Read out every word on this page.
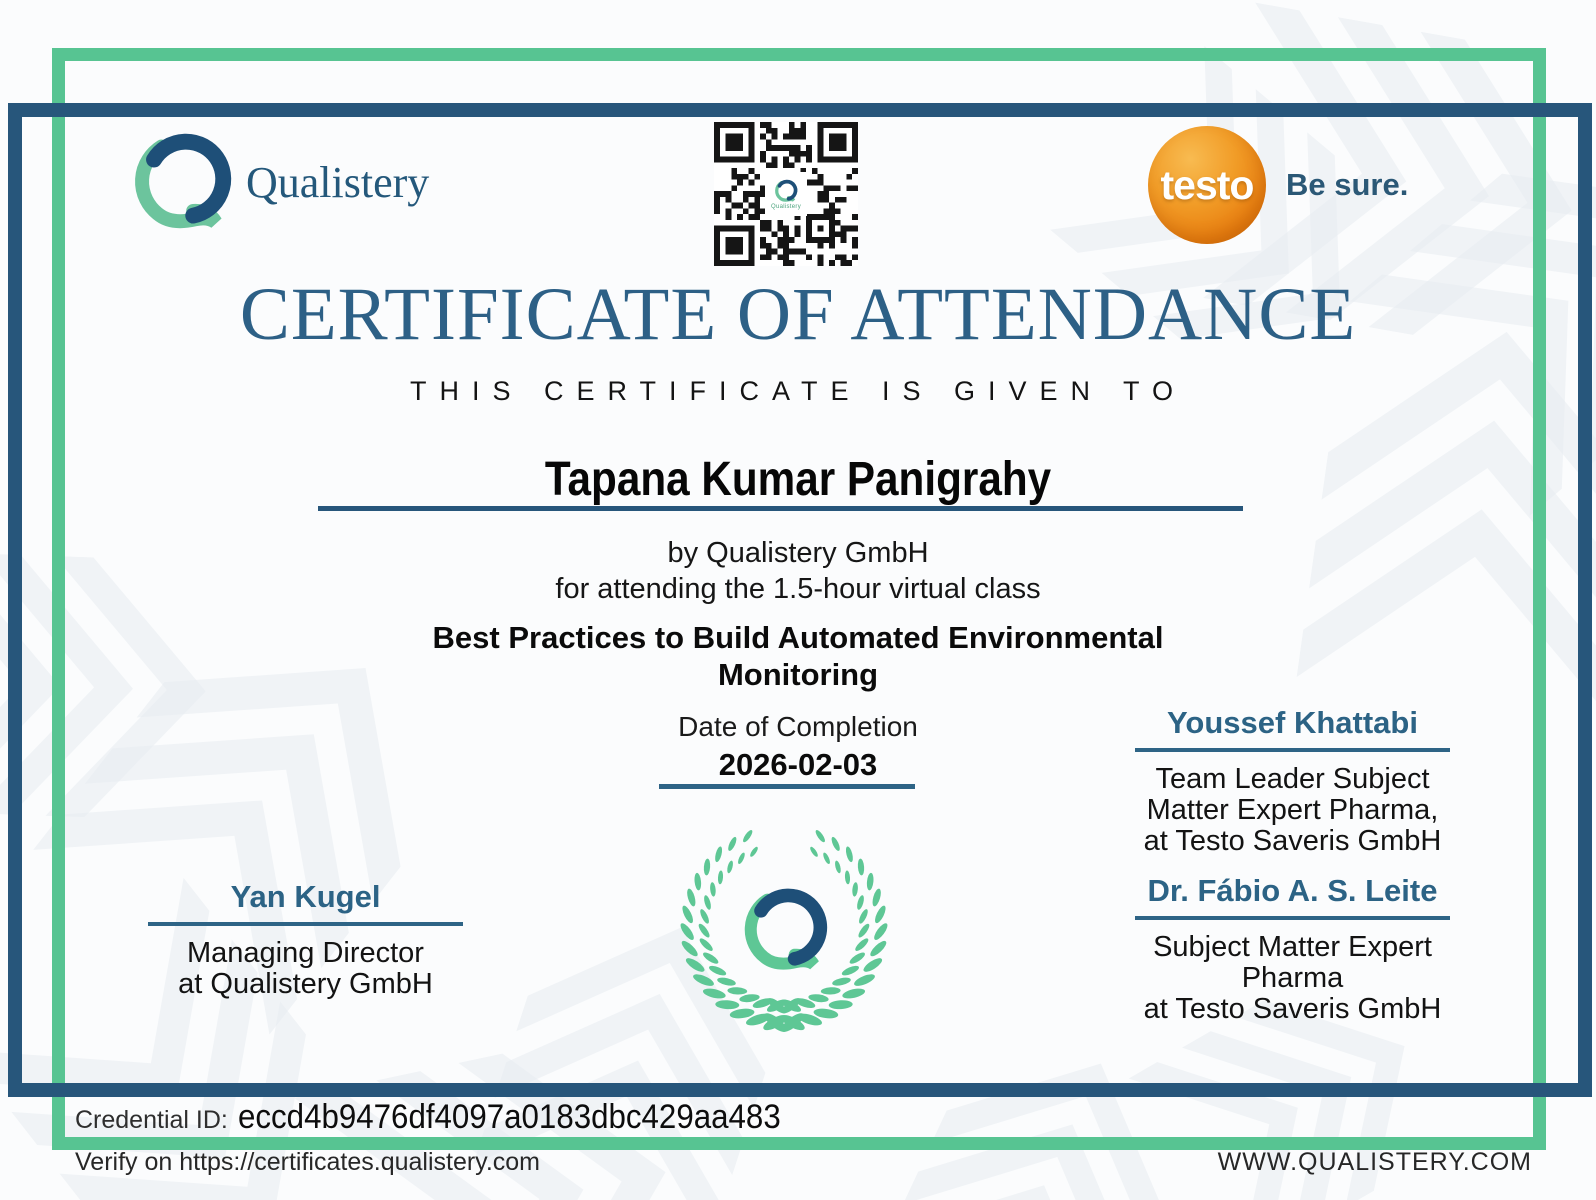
Qualistery	Qualistery	testo Be sure.
CERTIFICATE OF ATTENDANCE
THIS CERTIFICATE IS GIVEN TO
Tapana Kumar Panigrahy
by Qualistery GmbH
for attending the 1.5-hour virtual class
Best Practices to Build Automated Environmental Monitoring
Date of Completion
2026-02-03
Yan Kugel
Managing Director
at Qualistery GmbH
Youssef Khattabi
Team Leader Subject
Matter Expert Pharma,
at Testo Saveris GmbH
Dr. Fábio A. S. Leite
Subject Matter Expert
Pharma
at Testo Saveris GmbH
Credential ID: eccd4b9476df4097a0183dbc429aa483
Verify on https://certificates.qualistery.com	WWW.QUALISTERY.COM
